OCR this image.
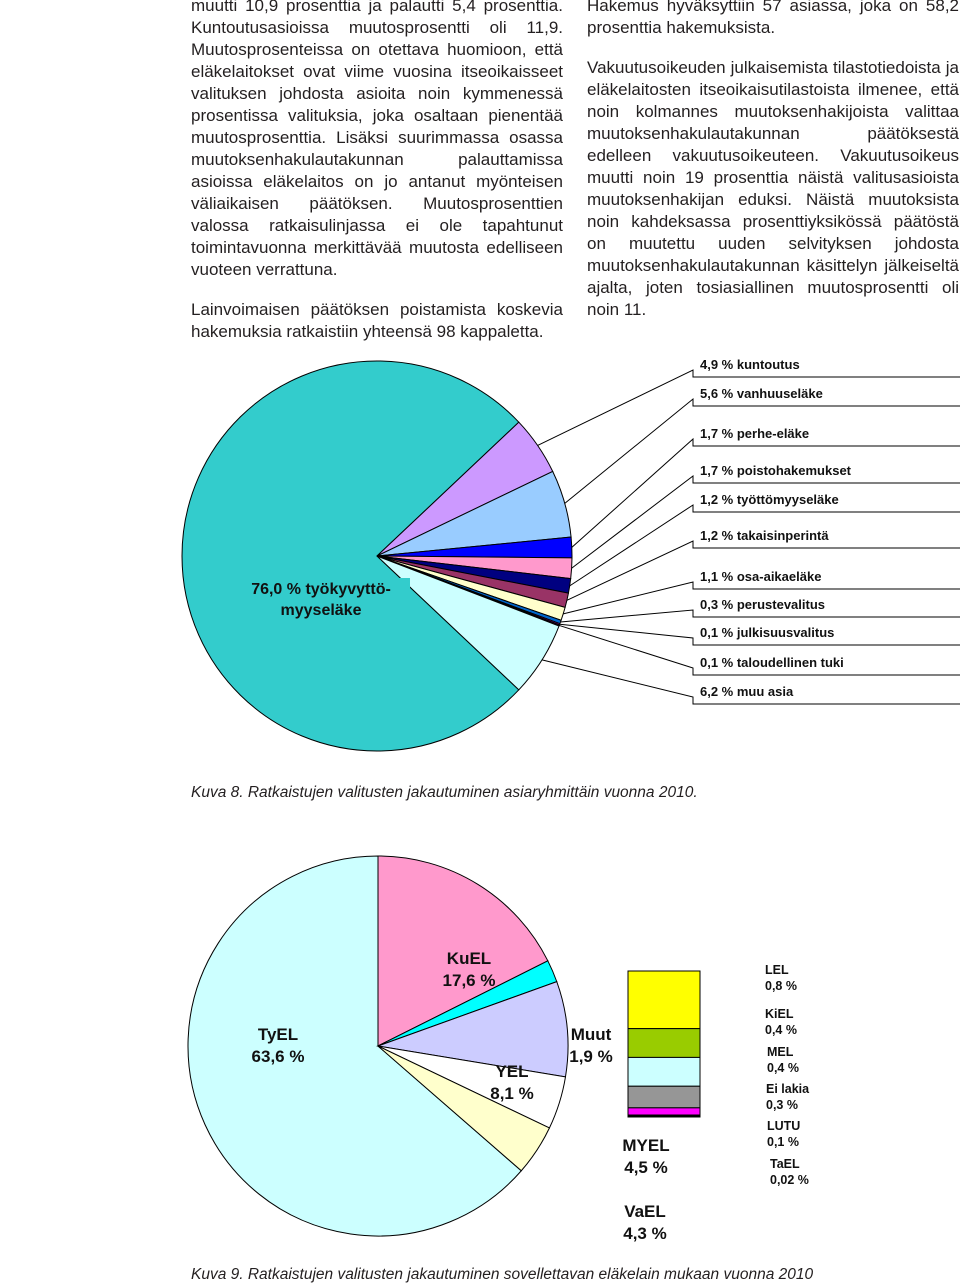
muutti 10,9 prosenttia ja palautti 5,4 prosenttia. Kuntoutusasioissa muutosprosentti oli 11,9. Muutosprosenteissa on otettava huomioon, että eläkelaitokset ovat viime vuosina itseoikaisseet valituksen johdosta asioita noin kymmenessä prosentissa valituksia, joka osaltaan pienentää muutosprosenttia. Lisäksi suurimmassa osassa muutoksenhakulautakunnan palauttamissa asioissa eläkelaitos on jo antanut myönteisen väliaikaisen päätöksen. Muutosprosenttien valossa ratkaisulinjassa ei ole tapahtunut toimintavuonna merkittävää muutosta edelliseen vuoteen verrattuna.

Lainvoimaisen päätöksen poistamista koskevia hakemuksia ratkaistiin yhteensä 98 kappaletta.

Hakemus hyväksyttiin 57 asiassa, joka on 58,2 prosenttia hakemuksista.

Vakuutusoikeuden julkaisemista tilastotiedoista ja eläkelaitosten itseoikaisutilastoista ilmenee, että noin kolmannes muutoksenhakijoista valittaa muutoksenhakulautakunnan päätöksestä edelleen vakuutusoikeuteen. Vakuutusoikeus muutti noin 19 prosenttia näistä valitusasioista muutoksenhakijan eduksi. Näistä muutoksista noin kahdeksassa prosenttiyksikössä päätöstä on muutettu uuden selvityksen johdosta muutoksenhakulautakunnan käsittelyn jälkeiseltä ajalta, joten tosiasiallinen muutosprosentti oli noin 11.

76,0 % työkyvyttö-myyseläke
4,9 % kuntoutus
5,6 % vanhuuseläke
1,7 % perhe-eläke
1,7 % poistohakemukset
1,2 % työttömyyseläke
1,2 % takaisinperintä
1,1 % osa-aikaeläke
0,3 % perustevalitus
0,1 % julkisuusvalitus
0,1 % taloudellinen tuki
6,2 % muu asia
Kuva 8. Ratkaistujen valitusten jakautuminen asiaryhmittäin vuonna 2010.
TyEL 63,6 %
KuEL 17,6 %
Muut 1,9 %
YEL 8,1 %
MYEL 4,5 %
VaEL 4,3 %
LEL 0,8 %
KiEL 0,4 %
MEL 0,4 %
Ei lakia 0,3 %
LUTU 0,1 %
TaEL 0,02 %
Kuva 9. Ratkaistujen valitusten jakautuminen sovellettavan eläkelain mukaan vuonna 2010
